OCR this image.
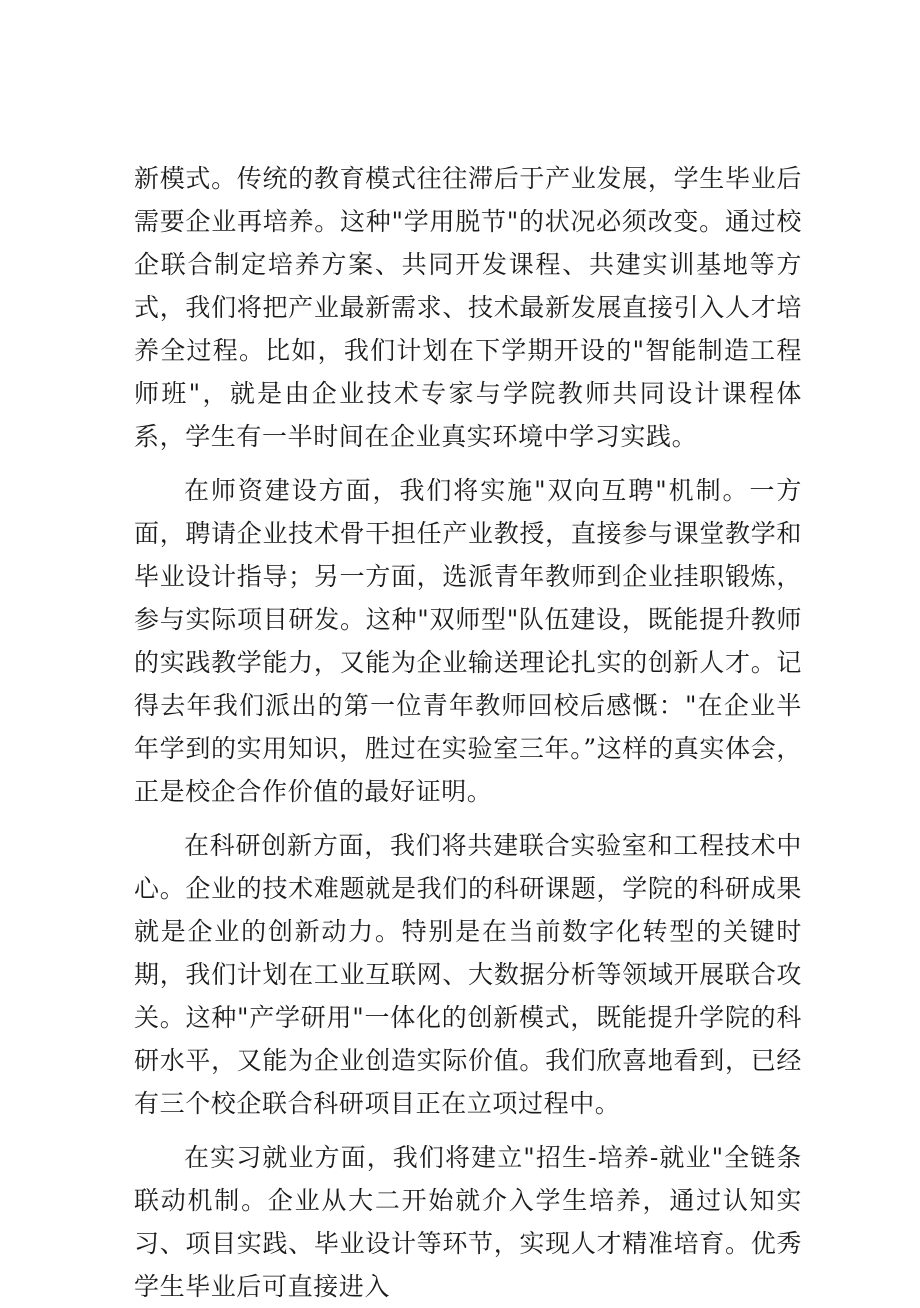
新模式。传统的教育模式往往滞后于产业发展，学生毕业后需要企业再培养。这种"学用脱节"的状况必须改变。通过校企联合制定培养方案、共同开发课程、共建实训基地等方式，我们将把产业最新需求、技术最新发展直接引入人才培养全过程。比如，我们计划在下学期开设的"智能制造工程师班"，就是由企业技术专家与学院教师共同设计课程体系，学生有一半时间在企业真实环境中学习实践。

在师资建设方面，我们将实施"双向互聘"机制。一方面，聘请企业技术骨干担任产业教授，直接参与课堂教学和毕业设计指导；另一方面，选派青年教师到企业挂职锻炼，参与实际项目研发。这种"双师型"队伍建设，既能提升教师的实践教学能力，又能为企业输送理论扎实的创新人才。记得去年我们派出的第一位青年教师回校后感慨："在企业半年学到的实用知识，胜过在实验室三年。”这样的真实体会，正是校企合作价值的最好证明。

在科研创新方面，我们将共建联合实验室和工程技术中心。企业的技术难题就是我们的科研课题，学院的科研成果就是企业的创新动力。特别是在当前数字化转型的关键时期，我们计划在工业互联网、大数据分析等领域开展联合攻关。这种"产学研用"一体化的创新模式，既能提升学院的科研水平，又能为企业创造实际价值。我们欣喜地看到，已经有三个校企联合科研项目正在立项过程中。

在实习就业方面，我们将建立"招生-培养-就业"全链条联动机制。企业从大二开始就介入学生培养，通过认知实习、项目实践、毕业设计等环节，实现人才精准培育。优秀学生毕业后可直接进入
